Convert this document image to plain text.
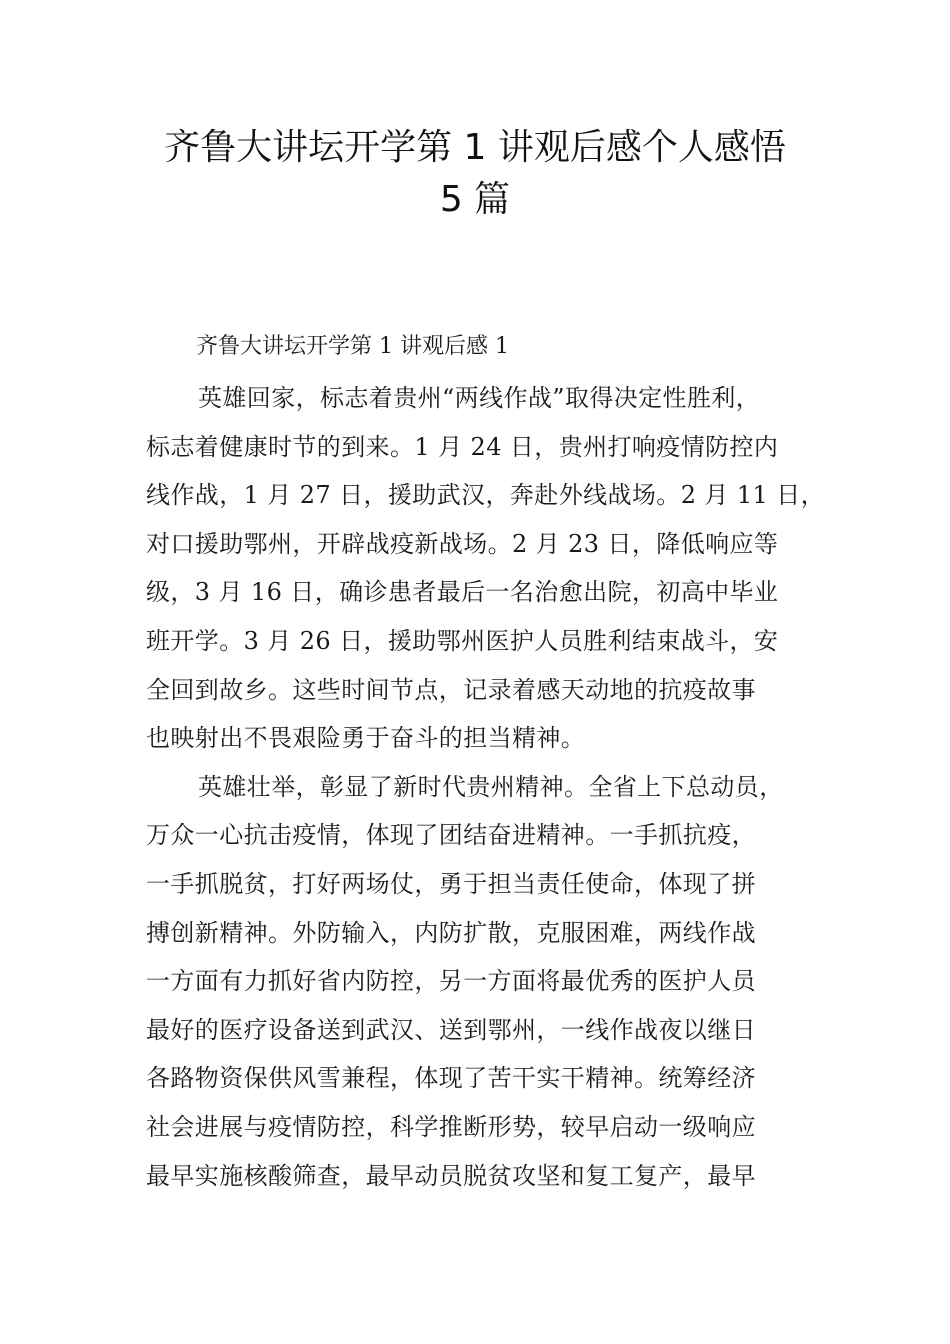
齐鲁大讲坛开学第 1 讲观后感个人感悟
5 篇
齐鲁大讲坛开学第 1 讲观后感 1
英雄回家，标志着贵州“两线作战”取得决定性胜利，
标志着健康时节的到来。1 月 24 日，贵州打响疫情防控内
线作战，1 月 27 日，援助武汉，奔赴外线战场。2 月 11 日，
对口援助鄂州，开辟战疫新战场。2 月 23 日，降低响应等
级，3 月 16 日，确诊患者最后一名治愈出院，初高中毕业
班开学。3 月 26 日，援助鄂州医护人员胜利结束战斗，安
全回到故乡。这些时间节点，记录着感天动地的抗疫故事
也映射出不畏艰险勇于奋斗的担当精神。
英雄壮举，彰显了新时代贵州精神。全省上下总动员，
万众一心抗击疫情，体现了团结奋进精神。一手抓抗疫，
一手抓脱贫，打好两场仗，勇于担当责任使命，体现了拼
搏创新精神。外防输入，内防扩散，克服困难，两线作战
一方面有力抓好省内防控，另一方面将最优秀的医护人员
最好的医疗设备送到武汉、送到鄂州，一线作战夜以继日
各路物资保供风雪兼程，体现了苦干实干精神。统筹经济
社会进展与疫情防控，科学推断形势，较早启动一级响应
最早实施核酸筛查，最早动员脱贫攻坚和复工复产，最早
